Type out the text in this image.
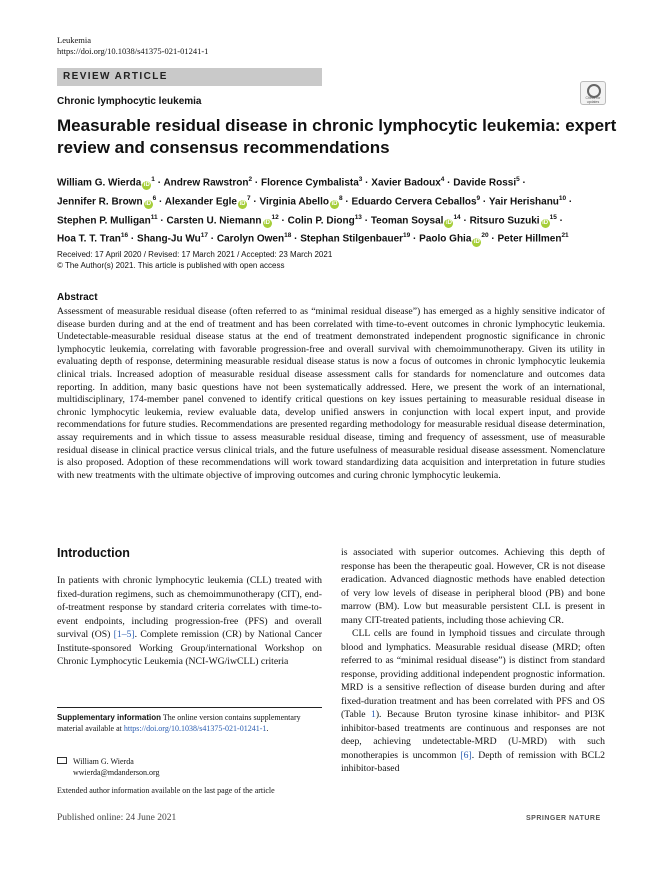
Leukemia
https://doi.org/10.1038/s41375-021-01241-1
REVIEW ARTICLE
Check for updates
Chronic lymphocytic leukemia
Measurable residual disease in chronic lymphocytic leukemia: expert review and consensus recommendations
William G. Wierda $iD^1$ · Andrew Rawstron$^2$ · Florence Cymbalista$^3$ · Xavier Badoux$^4$ · Davide Rossi$^5$ ·
Jennifer R. Brown $iD^6$ · Alexander Egle $iD^7$ · Virginia Abello $iD^8$ · Eduardo Cervera Ceballos$^9$ · Yair Herishanu$^{10}$ ·
Stephen P. Mulligan$^{11}$ · Carsten U. Niemann $iD^{12}$ · Colin P. Diong$^{13}$ · Teoman Soysal $iD^{14}$ · Ritsuro Suzuki $iD^{15}$ ·
Hoa T. T. Tran$^{16}$ · Shang-Ju $Wu^{17}$ · Carolyn Owen$^{18}$ · Stephan Stilgenbauer$^{19}$ · Paolo Ghia $iD^{20}$ · Peter Hillmen$^{21}$
Received: 17 April 2020 / Revised: 17 March 2021 / Accepted: 23 March 2021
© The Author(s) 2021. This article is published with open access
Abstract

Assessment of measurable residual disease (often referred to as “minimal residual disease”) has emerged as a highly sensitive indicator of disease burden during and at the end of treatment and has been correlated with time-to-event outcomes in chronic lymphocytic leukemia. Undetectable-measurable residual disease status at the end of treatment demonstrated independent prognostic significance in chronic lymphocytic leukemia, correlating with favorable progression-free and overall survival with chemoimmunotherapy. Given its utility in evaluating depth of response, determining measurable residual disease status is now a focus of outcomes in chronic lymphocytic leukemia clinical trials. Increased adoption of measurable residual disease assessment calls for standards for nomenclature and outcomes data reporting. In addition, many basic questions have not been systematically addressed. Here, we present the work of an international, multidisciplinary, 174-member panel convened to identify critical questions on key issues pertaining to measurable residual disease in chronic lymphocytic leukemia, review evaluable data, develop unified answers in conjunction with local expert input, and provide recommendations for future studies. Recommendations are presented regarding methodology for measurable residual disease determination, assay requirements and in which tissue to assess measurable residual disease, timing and frequency of assessment, use of measurable residual disease in clinical practice versus clinical trials, and the future usefulness of measurable residual disease assessment. Nomenclature is also proposed. Adoption of these recommendations will work toward standardizing data acquisition and interpretation in future studies with new treatments with the ultimate objective of improving outcomes and curing chronic lymphocytic leukemia.

Introduction

In patients with chronic lymphocytic leukemia (CLL) treated with fixed-duration regimens, such as chemoimmunotherapy (CIT), end-of-treatment response by standard criteria correlates with time-to-event endpoints, including progression-free (PFS) and overall survival (OS) [1–5]. Complete remission (CR) by National Cancer Institute-sponsored Working Group/international Workshop on Chronic Lymphocytic Leukemia (NCI-WG/iwCLL) criteria

is associated with superior outcomes. Achieving this depth of response has been the therapeutic goal. However, CR is not disease eradication. Advanced diagnostic methods have enabled detection of very low levels of disease in peripheral blood (PB) and bone marrow (BM). Low but measurable persistent CLL is present in many CIT-treated patients, including those achieving CR.

CLL cells are found in lymphoid tissues and circulate through blood and lymphatics. Measurable residual disease (MRD; often referred to as “minimal residual disease”) is distinct from standard response, providing additional independent prognostic information. MRD is a sensitive reflection of disease burden during and after fixed-duration treatment and has been correlated with PFS and OS (Table 1). Because Bruton tyrosine kinase inhibitor- and PI3K inhibitor-based treatments are continuous and responses are not deep, achieving undetectable-MRD (U-MRD) with such monotherapies is uncommon [6]. Depth of remission with BCL2 inhibitor-based

Supplementary information The online version contains supplementary material available at https://doi.org/10.1038/s41375-021-01241-1.
William G. Wierda
wwierda@mdanderson.org
Extended author information available on the last page of the article
Published online: 24 June 2021	SPRINGER NATURE
